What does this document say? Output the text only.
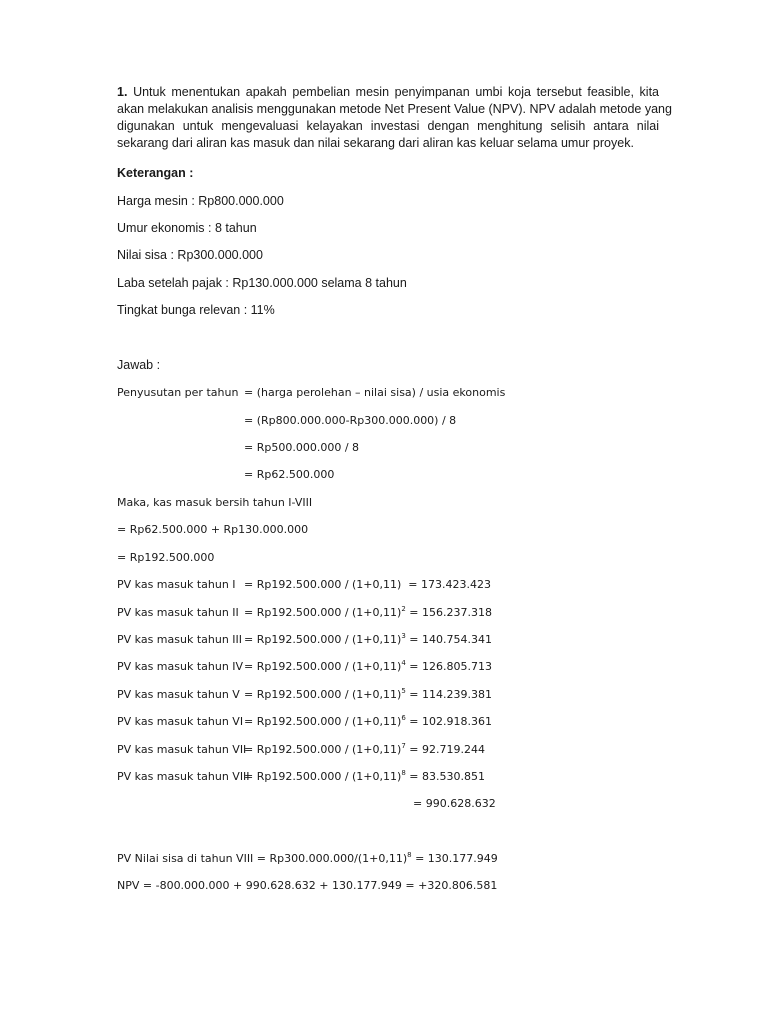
1. Untuk menentukan apakah pembelian mesin penyimpanan umbi koja tersebut feasible, kita
akan melakukan analisis menggunakan metode Net Present Value (NPV). NPV adalah metode yang
digunakan untuk mengevaluasi kelayakan investasi dengan menghitung selisih antara nilai
sekarang dari aliran kas masuk dan nilai sekarang dari aliran kas keluar selama umur proyek.
Keterangan :
Harga mesin : Rp800.000.000
Umur ekonomis : 8 tahun
Nilai sisa : Rp300.000.000
Laba setelah pajak : Rp130.000.000 selama 8 tahun
Tingkat bunga relevan : 11%
Jawab :
Penyusutan per tahun = (harga perolehan – nilai sisa) / usia ekonomis
= (Rp800.000.000-Rp300.000.000) / 8
= Rp500.000.000 / 8
= Rp62.500.000
Maka, kas masuk bersih tahun I-VIII
= Rp62.500.000 + Rp130.000.000
= Rp192.500.000
PV kas masuk tahun I = Rp192.500.000 / (1+0,11)  = 173.423.423
PV kas masuk tahun II = $Rp192.500.000 / (1+0,11)^2 = 156.237.318$
PV kas masuk tahun III = $Rp192.500.000 / (1+0,11)^3 = 140.754.341$
PV kas masuk tahun IV = $Rp192.500.000 / (1+0,11)^4 = 126.805.713$
PV kas masuk tahun $V = Rp192.500.000 / (1+0,11)^5 = 114.239.381$
PV kas masuk tahun VI = $Rp192.500.000 / (1+0,11)^6 = 102.918.361$
PV kas masuk tahun VII
= $Rp192.500.000 / (1+0,11)^7 = 92.719.244$
PV kas masuk tahun VIII
= $Rp192.500.000 / (1+0,11)^8 = 83.530.851$
= 990.628.632
PV Nilai sisa di tahun VIII = $Rp300.000.000/(1+0,11)^8 = 130.177.949$
NPV = -800.000.000 + 990.628.632 + 130.177.949 = +320.806.581
